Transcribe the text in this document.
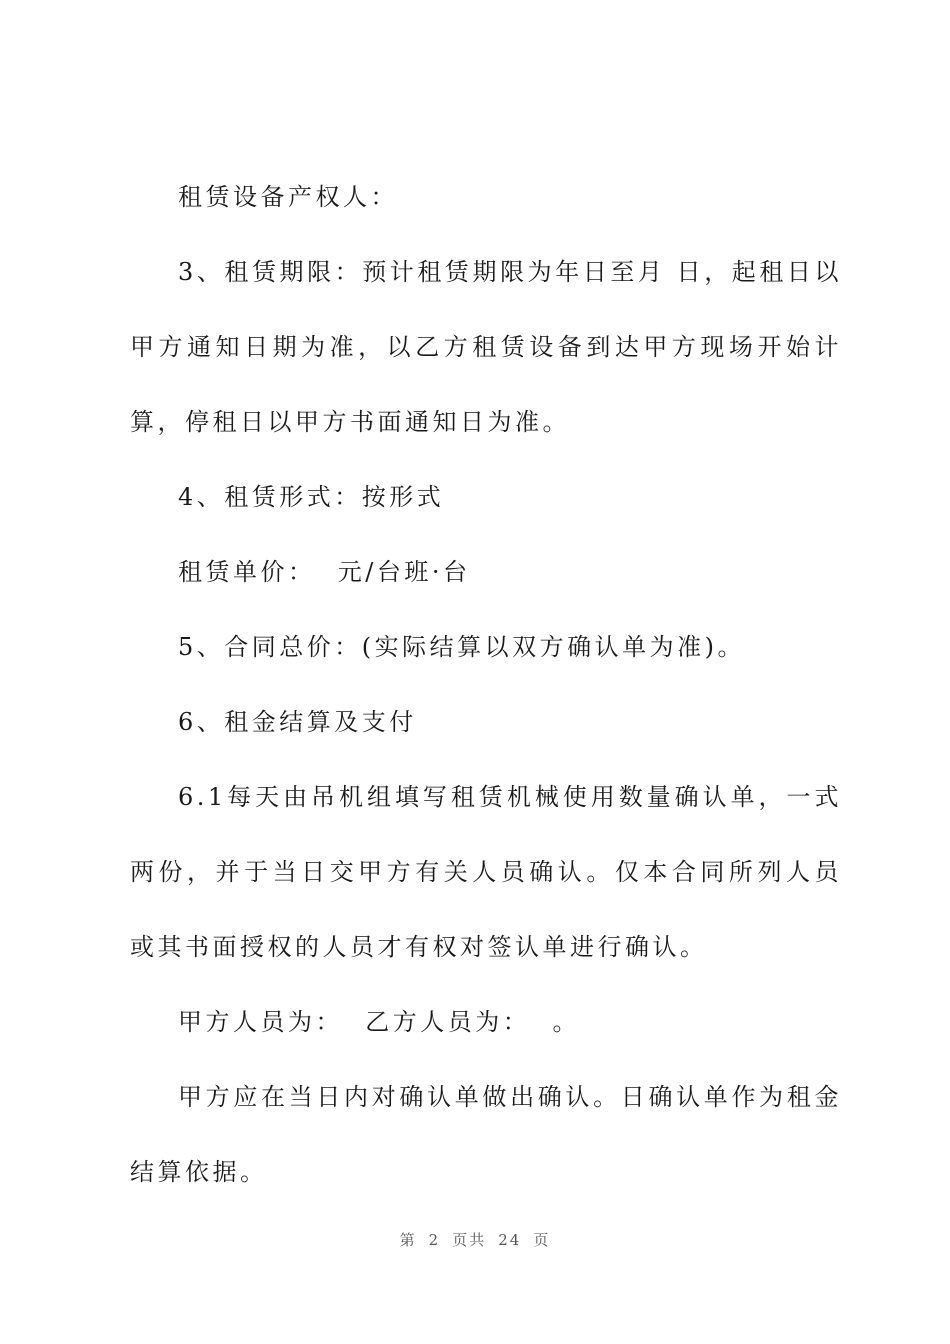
租赁设备产权人：

3、租赁期限：预计租赁期限为年日至月 日，起租日以甲方通知日期为准，以乙方租赁设备到达甲方现场开始计算，停租日以甲方书面通知日为准。

4、租赁形式：按形式

租赁单价：  元/台班·台

5、合同总价：(实际结算以双方确认单为准)。

6、租金结算及支付

6.1每天由吊机组填写租赁机械使用数量确认单，一式两份，并于当日交甲方有关人员确认。仅本合同所列人员或其书面授权的人员才有权对签认单进行确认。

甲方人员为：  乙方人员为：  。

甲方应在当日内对确认单做出确认。日确认单作为租金结算依据。

第 2 页共 24 页
